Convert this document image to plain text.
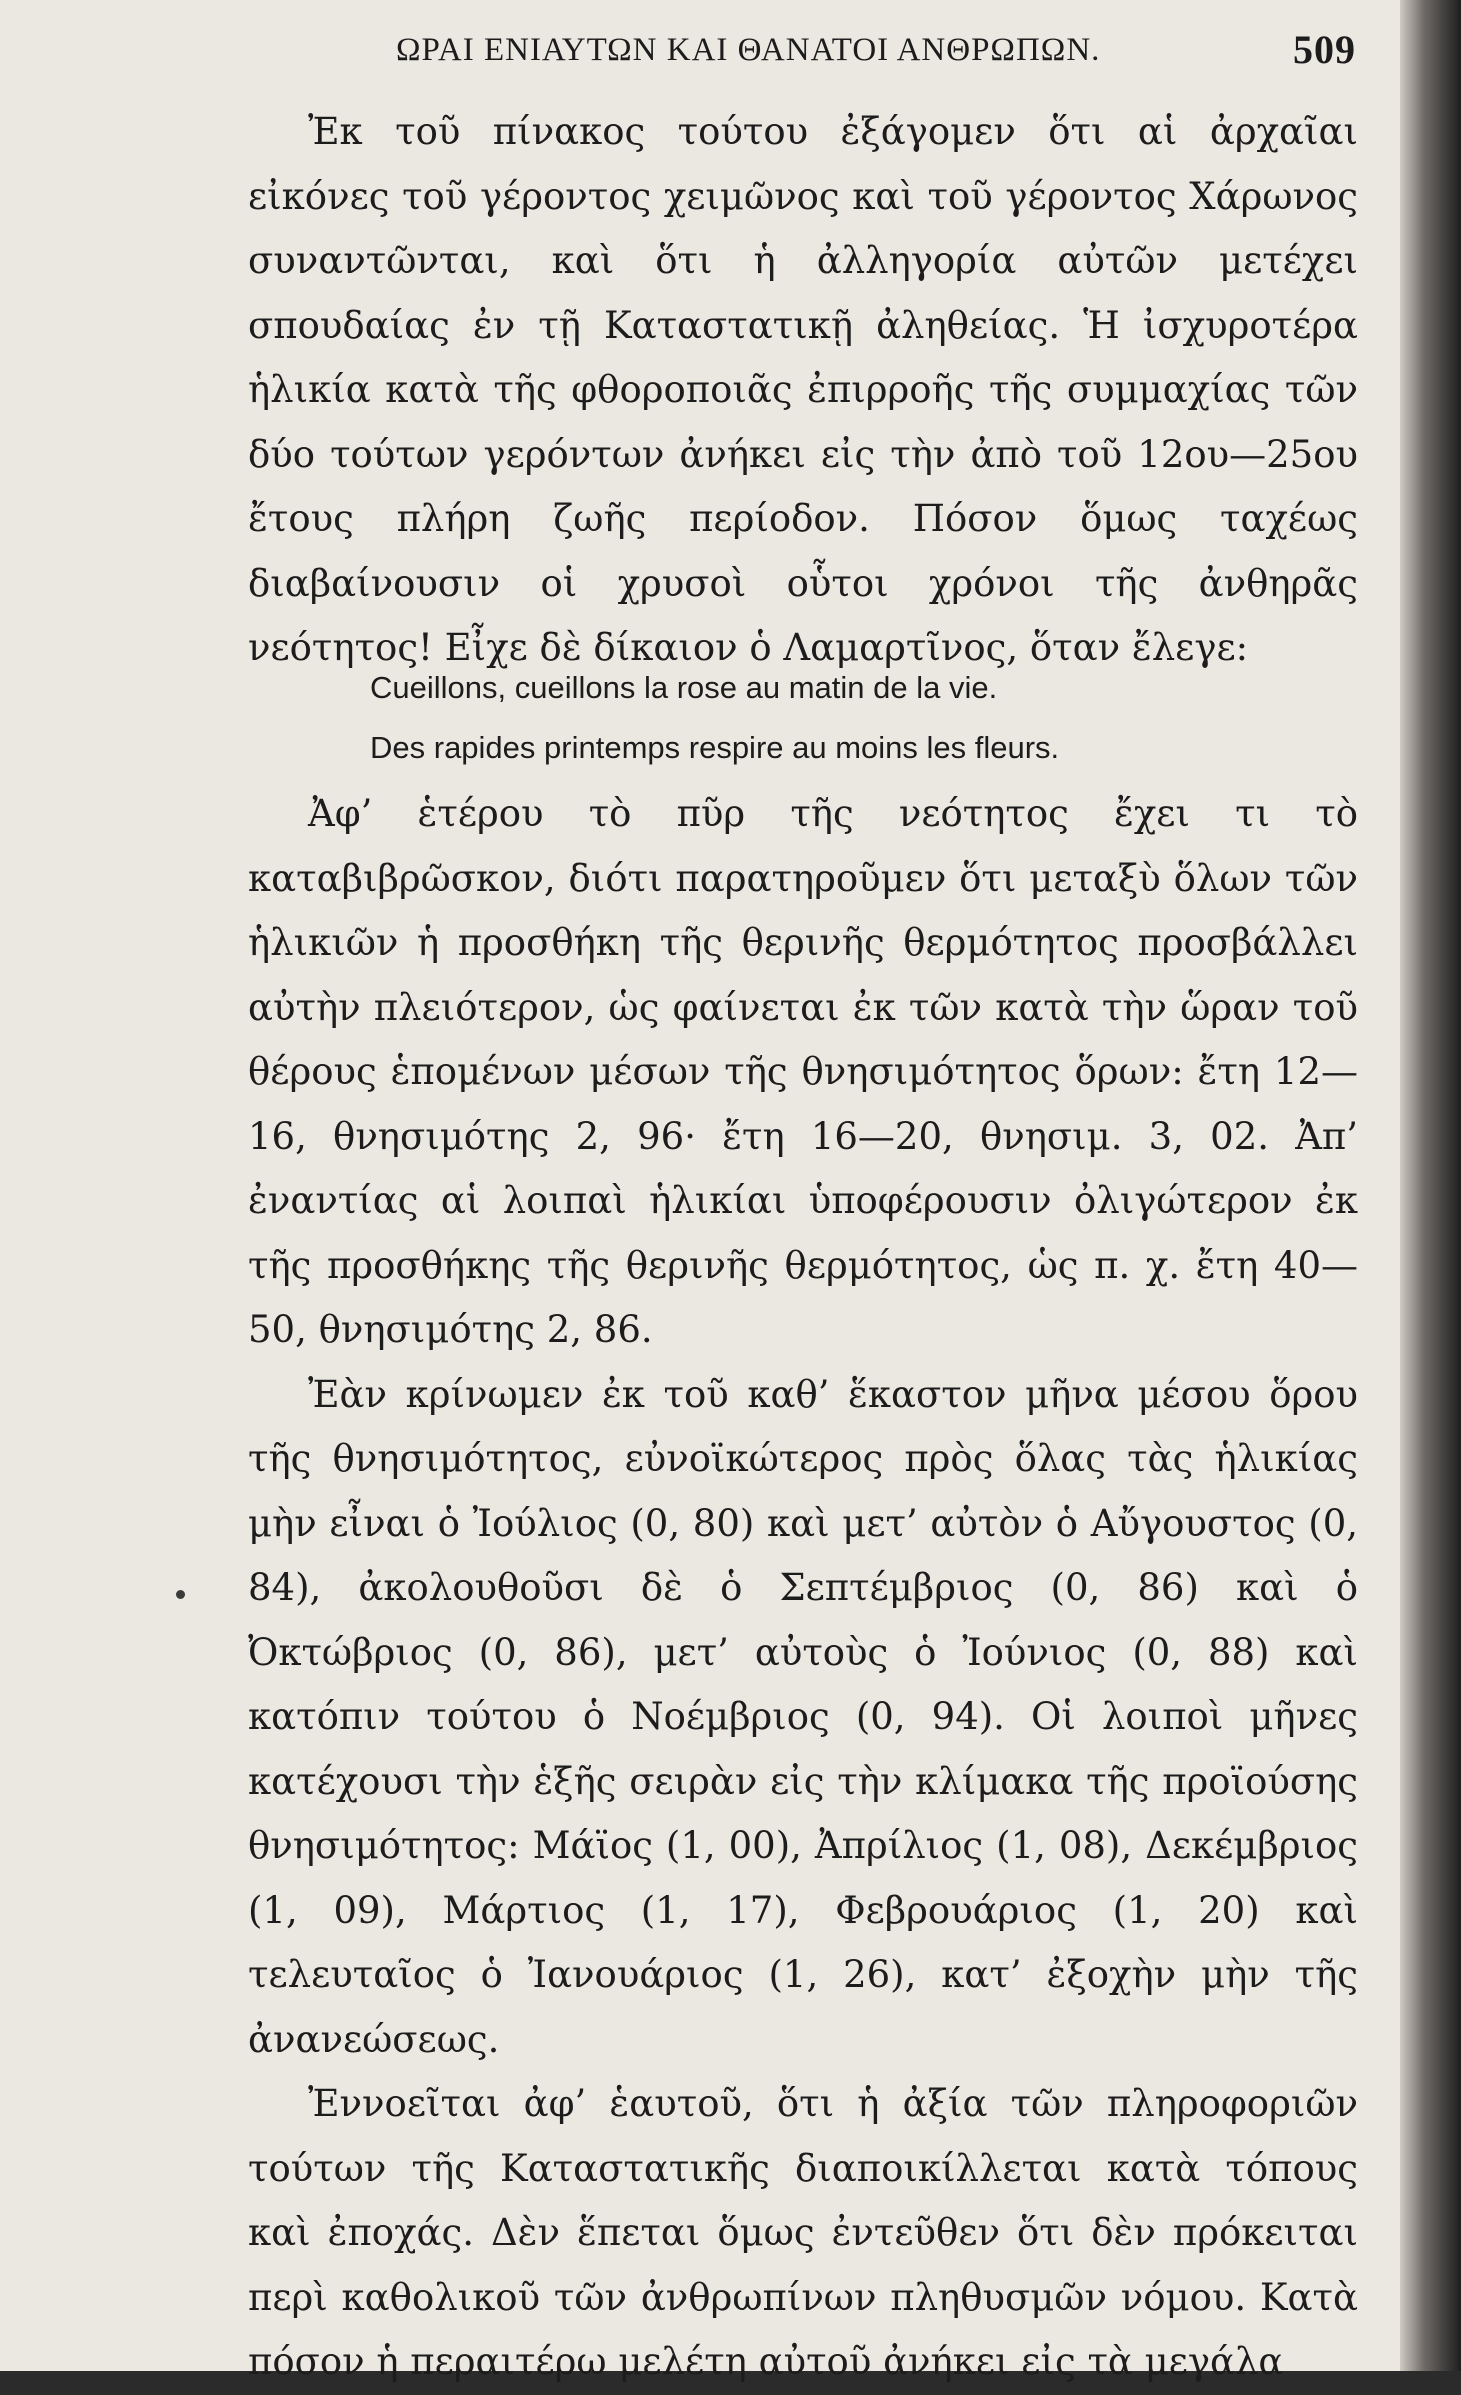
ΩΡΑΙ ΕΝΙΑΥΤΩΝ ΚΑΙ ΘΑΝΑΤΟΙ ΑΝΘΡΩΠΩΝ.	509

Ἐκ τοῦ πίνακος τούτου ἐξάγομεν ὅτι αἱ ἀρχαῖαι εἰκόνες τοῦ γέροντος χειμῶνος καὶ τοῦ γέροντος Χάρωνος συναντῶνται, καὶ ὅτι ἡ ἀλληγορία αὐτῶν μετέχει σπουδαίας ἐν τῇ Καταστατικῇ ἀληθείας. Ἡ ἰσχυροτέρα ἡλικία κατὰ τῆς φθοροποιᾶς ἐπιρροῆς τῆς συμμαχίας τῶν δύο τούτων γερόντων ἀνήκει εἰς τὴν ἀπὸ τοῦ 12ου—25ου ἔτους πλήρη ζωῆς περίοδον. Πόσον ὅμως ταχέως διαβαίνουσιν οἱ χρυσοὶ οὗτοι χρόνοι τῆς ἀνθηρᾶς νεότητος! Εἶχε δὲ δίκαιον ὁ Λαμαρτῖνος, ὅταν ἔλεγε:

Cueillons, cueillons la rose au matin de la vie.
Des rapides printemps respire au moins les fleurs.

Ἀφ’ ἑτέρου τὸ πῦρ τῆς νεότητος ἔχει τι τὸ καταβιβρῶσκον, διότι παρατηροῦμεν ὅτι μεταξὺ ὅλων τῶν ἡλικιῶν ἡ προσθήκη τῆς θερινῆς θερμότητος προσβάλλει αὐτὴν πλειότερον, ὡς φαίνεται ἐκ τῶν κατὰ τὴν ὥραν τοῦ θέρους ἑπομένων μέσων τῆς θνησιμότητος ὅρων: ἔτη 12—16, θνησιμότης 2, 96· ἔτη 16—20, θνησιμ. 3, 02. Ἀπ’ ἐναντίας αἱ λοιπαὶ ἡλικίαι ὑποφέρουσιν ὀλιγώτερον ἐκ τῆς προσθήκης τῆς θερινῆς θερμότητος, ὡς π. χ. ἔτη 40—50, θνησιμότης 2, 86.

Ἐὰν κρίνωμεν ἐκ τοῦ καθ’ ἕκαστον μῆνα μέσου ὅρου τῆς θνησιμότητος, εὐνοϊκώτερος πρὸς ὅλας τὰς ἡλικίας μὴν εἶναι ὁ Ἰούλιος (0, 80) καὶ μετ’ αὐτὸν ὁ Αὔγουστος (0, 84), ἀκολουθοῦσι δὲ ὁ Σεπτέμβριος (0, 86) καὶ ὁ Ὀκτώβριος (0, 86), μετ’ αὐτοὺς ὁ Ἰούνιος (0, 88) καὶ κατόπιν τούτου ὁ Νοέμβριος (0, 94). Οἱ λοιποὶ μῆνες κατέχουσι τὴν ἑξῆς σειρὰν εἰς τὴν κλίμακα τῆς προϊούσης θνησιμότητος: Μάϊος (1, 00), Ἀπρίλιος (1, 08), Δεκέμβριος (1, 09), Μάρτιος (1, 17), Φεβρουάριος (1, 20) καὶ τελευταῖος ὁ Ἰανουάριος (1, 26), κατ’ ἐξοχὴν μὴν τῆς ἀνανεώσεως.

Ἐννοεῖται ἀφ’ ἑαυτοῦ, ὅτι ἡ ἀξία τῶν πληροφοριῶν τούτων τῆς Καταστατικῆς διαποικίλλεται κατὰ τόπους καὶ ἐποχάς. Δὲν ἕπεται ὅμως ἐντεῦθεν ὅτι δὲν πρόκειται περὶ καθολικοῦ τῶν ἀνθρωπίνων πληθυσμῶν νόμου. Κατὰ πόσον ἡ περαιτέρω μελέτη αὐτοῦ ἀνήκει εἰς τὰ μεγάλα
